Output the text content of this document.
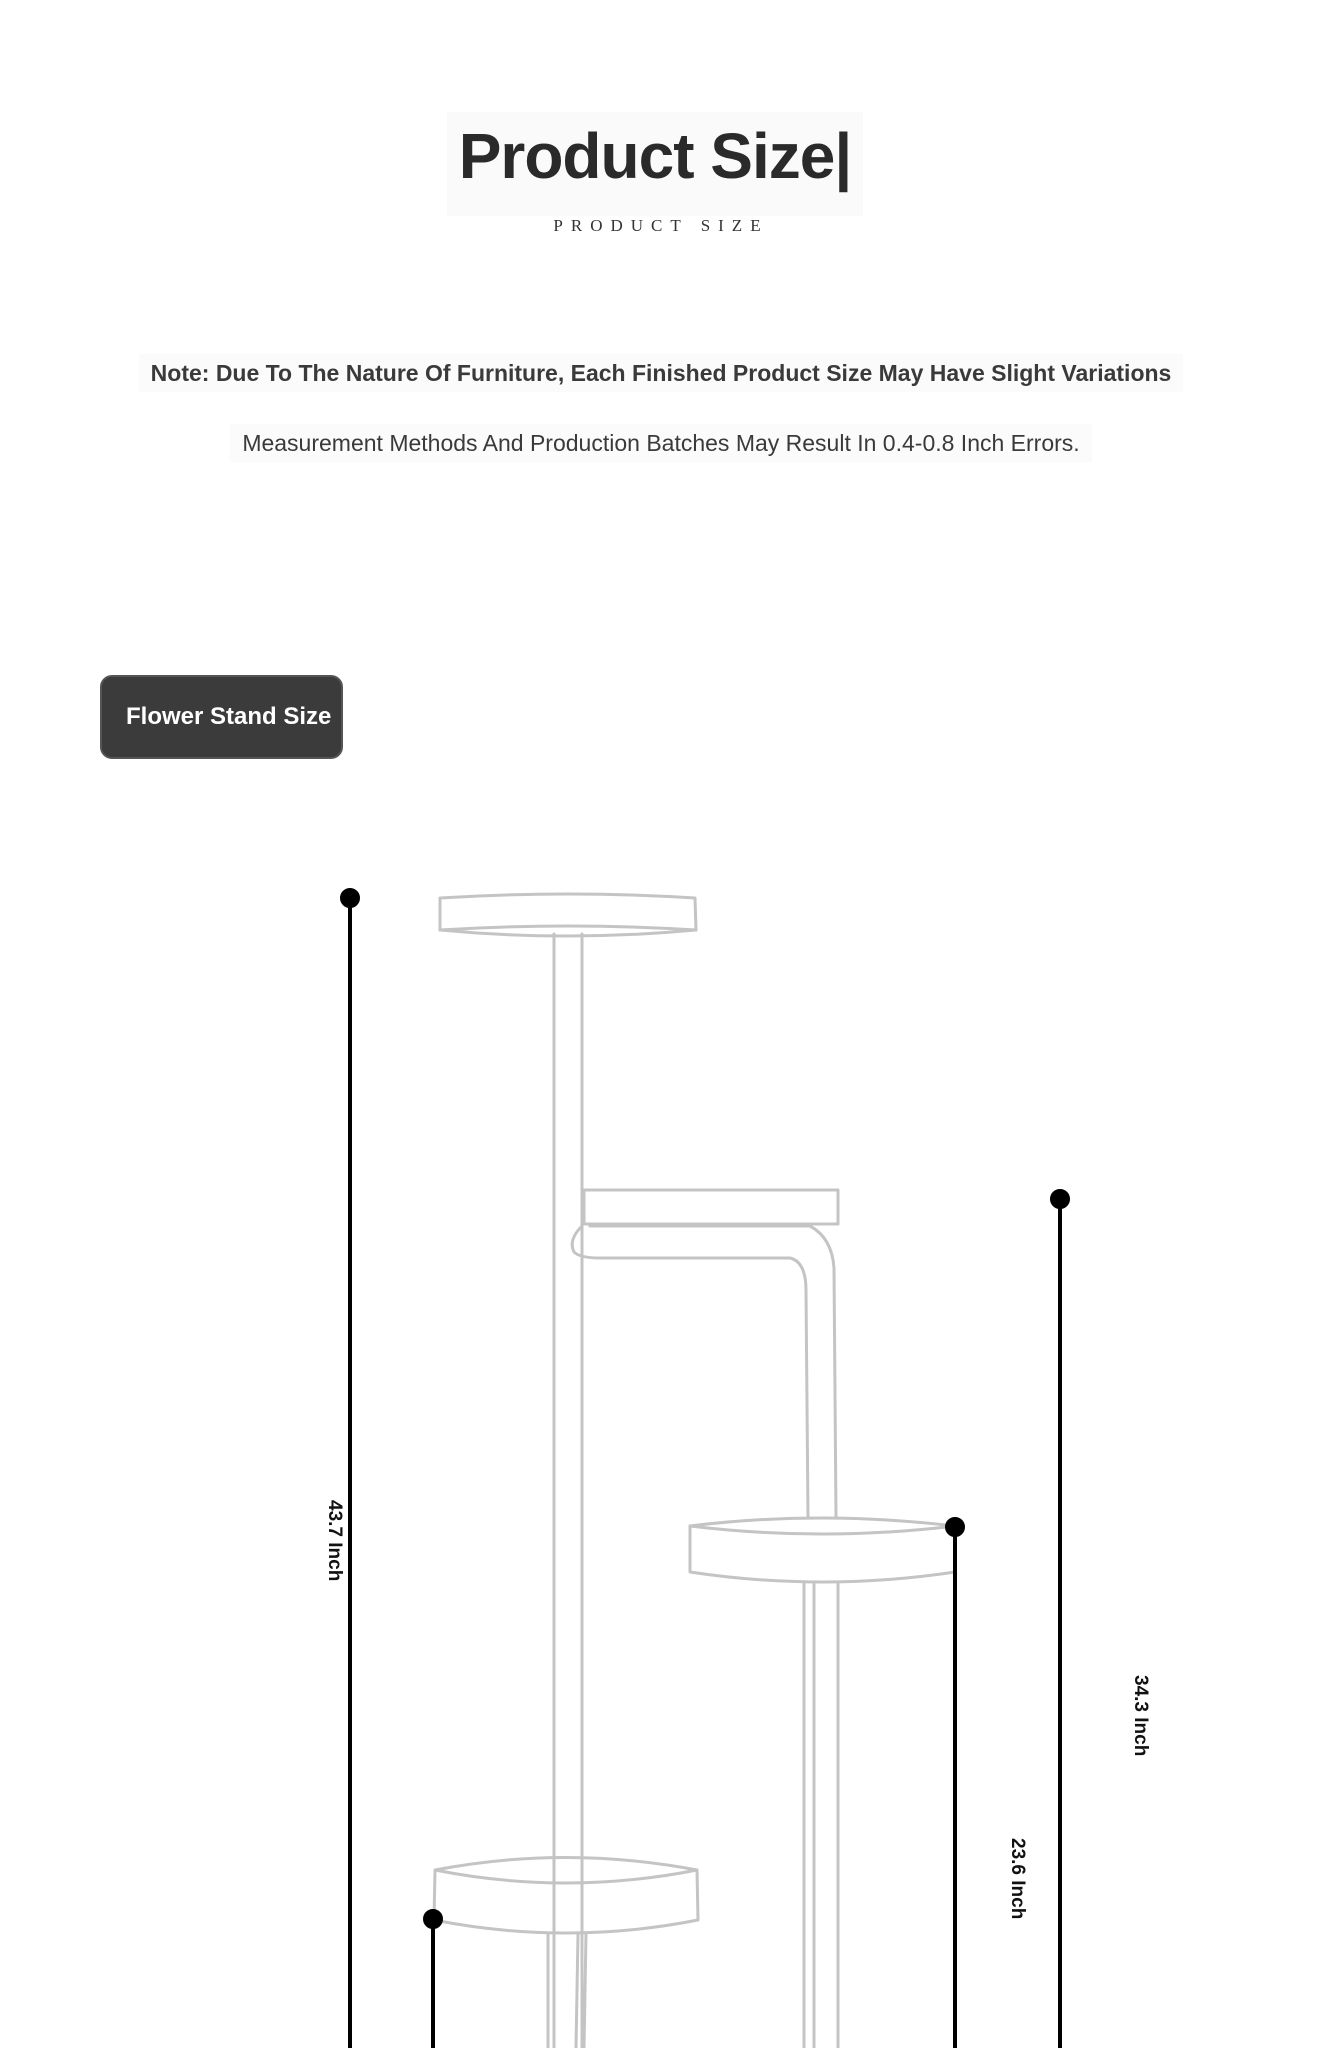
Product Size|
PRODUCT SIZE
Note: Due To The Nature Of Furniture, Each Finished Product Size May Have Slight Variations
Measurement Methods And Production Batches May Result In 0.4-0.8 Inch Errors.
Flower Stand Size
43.7 Inch
34.3 Inch
23.6 Inch
